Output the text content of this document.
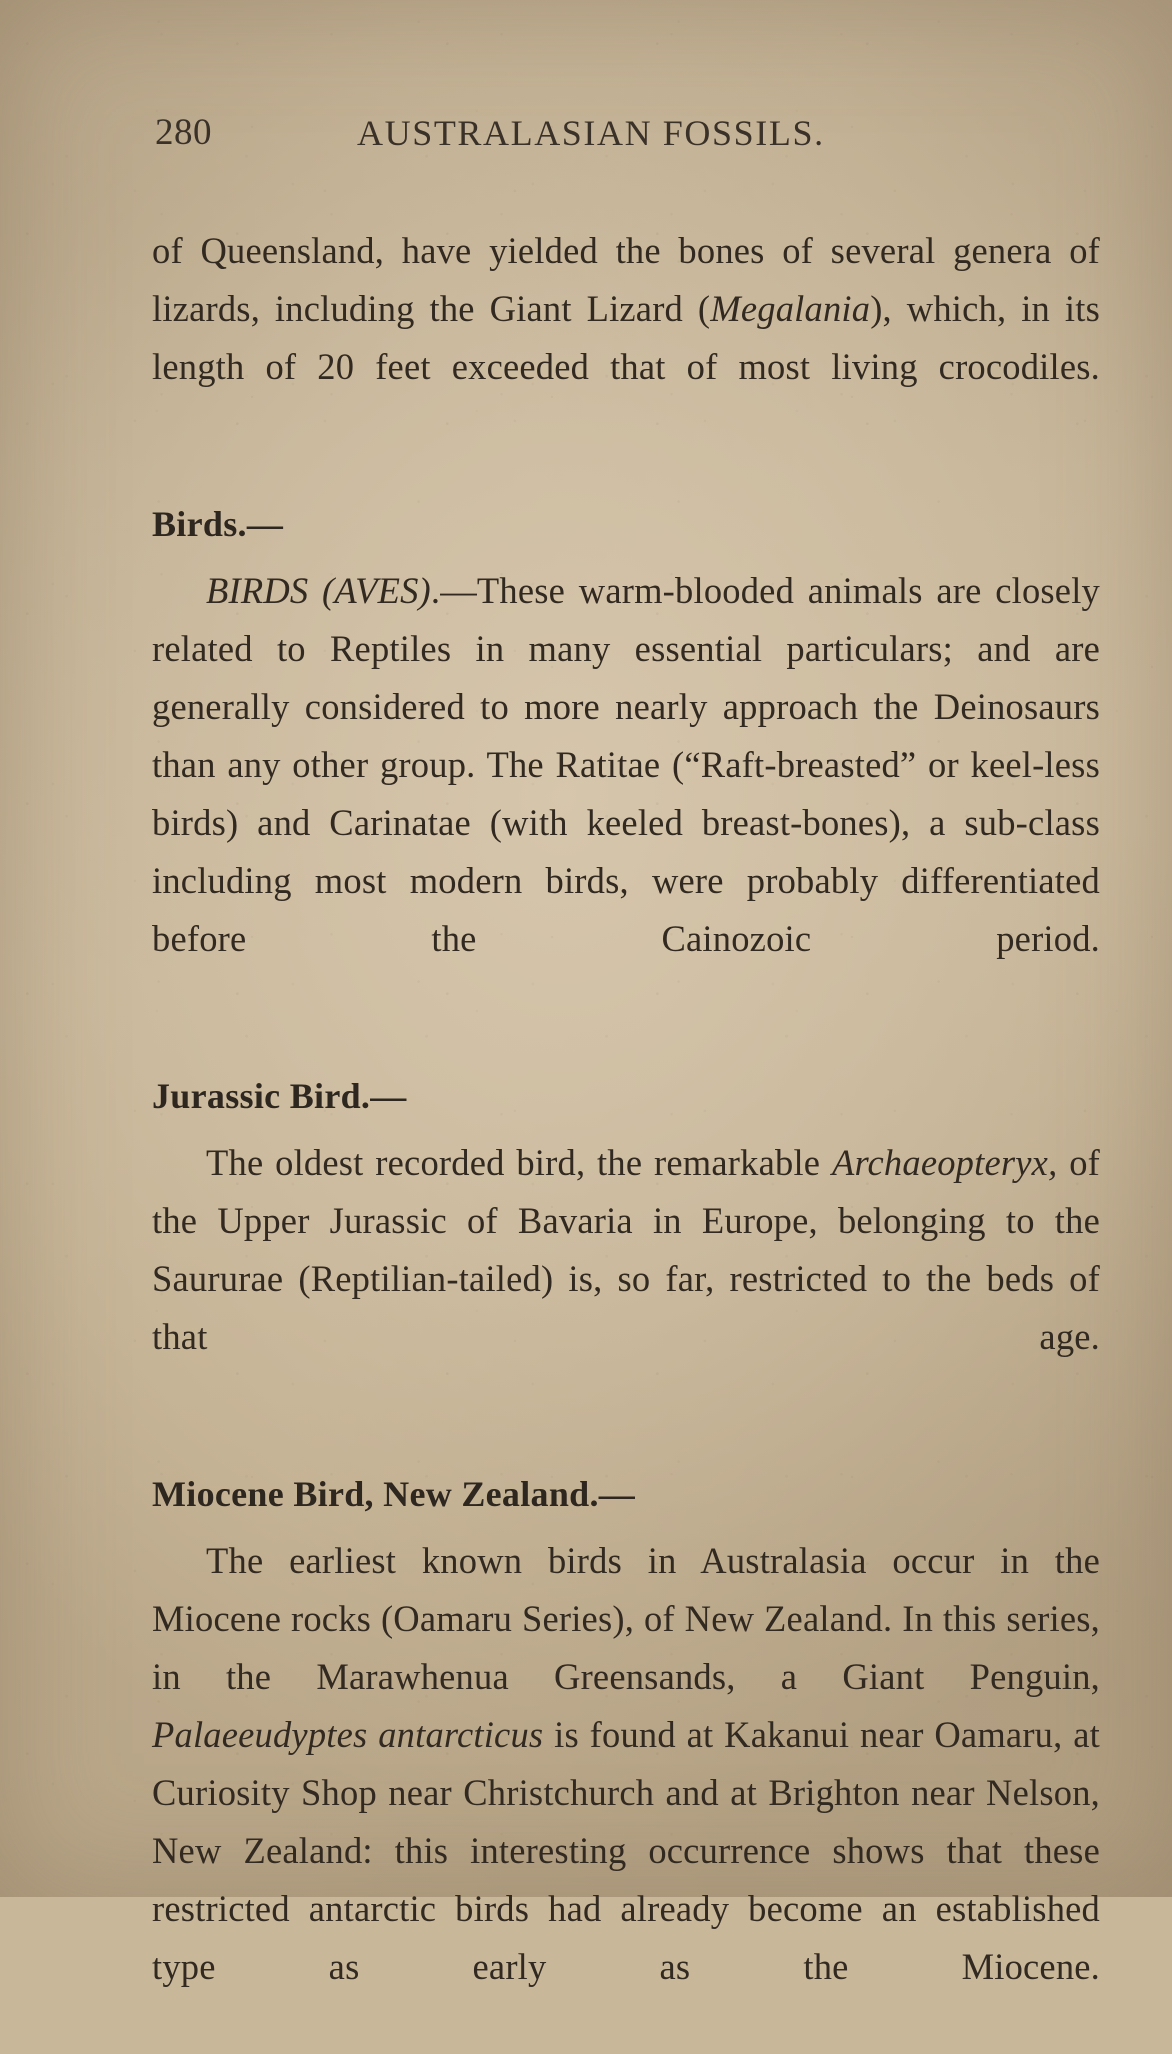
280	AUSTRALASIAN FOSSILS.

of Queensland, have yielded the bones of several genera of lizards, including the Giant Lizard (Megalania), which, in its length of 20 feet exceeded that of most living crocodiles.

Birds.—

BIRDS (AVES).—These warm-blooded animals are closely related to Reptiles in many essential particulars; and are generally considered to more nearly approach the Deinosaurs than any other group. The Ratitae (“Raft-breasted” or keel-less birds) and Carinatae (with keeled breast-bones), a sub-class including most modern birds, were probably differentiated before the Cainozoic period.

Jurassic Bird.—

The oldest recorded bird, the remarkable Archaeopteryx, of the Upper Jurassic of Bavaria in Europe, belonging to the Saururae (Reptilian-tailed) is, so far, restricted to the beds of that age.

Miocene Bird, New Zealand.—

The earliest known birds in Australasia occur in the Miocene rocks (Oamaru Series), of New Zealand. In this series, in the Marawhenua Greensands, a Giant Penguin, Palaeeudyptes antarcticus is found at Kakanui near Oamaru, at Curiosity Shop near Christchurch and at Brighton near Nelson, New Zealand: this interesting occurrence shows that these restricted antarctic birds had already become an established type as early as the Miocene.
